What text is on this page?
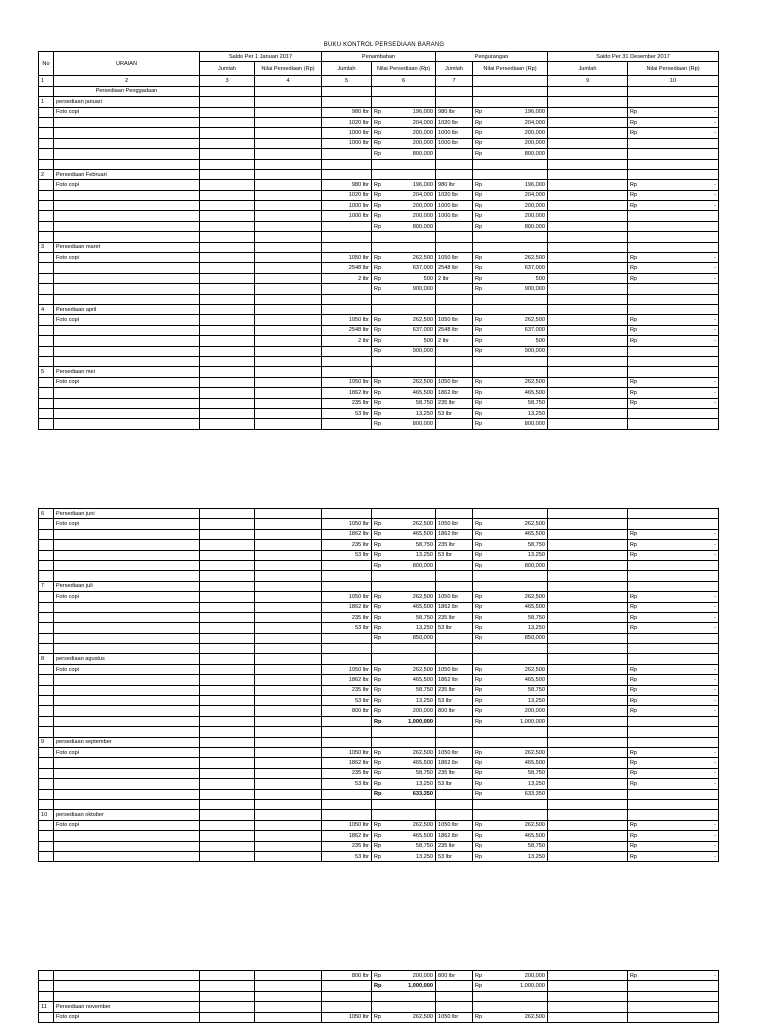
BUKU KONTROL PERSEDIAAN BARANG
No	URAIAN	Saldo Per 1 Januari 2017		Penambahan		Pengurangan		Saldo Per 31 Desember 2017	
		Jumlah	Nilai Persediaan (Rp)	Jumlah	Nilai Persediaan (Rp)	Jumlah	Nilai Persediaan (Rp)	Jumlah	Nilai Persediaan (Rp)
1	2	3	4	5	6	7		9	10
	Persediaan Penggadaan								
1	persediaan januari								
	Foto copi			980 lbr	Rp 196,000	980 lbr	Rp 196,000		Rp -

				1020 lbr	Rp 204,000	1020 lbr	Rp 204,000		Rp -

				1000 lbr	Rp 200,000	1000 lbr	Rp 200,000		Rp -

				1000 lbr	Rp 200,000	1000 lbr	Rp 200,000		

					Rp 800,000		Rp 800,000		

2	Persediaan Februari								
	Foto copi			980 lbr	Rp 196,000	980 lbr	Rp 196,000		Rp -

				1020 lbr	Rp 204,000	1020 lbr	Rp 204,000		Rp -

				1000 lbr	Rp 200,000	1000 lbr	Rp 200,000		Rp -

				1000 lbr	Rp 200,000	1000 lbr	Rp 200,000		

					Rp 800,000		Rp 800,000		

3	Persediaan maret								
	Foto copi			1050 lbr	Rp 262,500	1050 lbr	Rp 262,500		Rp -

				2548 lbr	Rp 637,000	2548 lbr	Rp 637,000		Rp -

				2 lbr	Rp 500	2 lbr	Rp 500		Rp -

					Rp 900,000		Rp 900,000		

4	Persediaan april								
	Foto copi			1050 lbr	Rp 262,500	1050 lbr	Rp 262,500		Rp -

				2548 lbr	Rp 637,000	2548 lbr	Rp 637,000		Rp -

				2 lbr	Rp 500	2 lbr	Rp 500		Rp -

					Rp 900,000		Rp 900,000		

5	Persediaan mei								
	Foto copi			1050 lbr	Rp 262,500	1050 lbr	Rp 262,500		Rp -

				1862 lbr	Rp 465,500	1862 lbr	Rp 465,500		Rp -

				235 lbr	Rp 58,750	235 lbr	Rp 58,750		Rp -

				53 lbr	Rp 13,250	53 lbr	Rp 13,250		

					Rp 800,000		Rp 800,000		

6	Persediaan juni								
	Foto copi			1050 lbr	Rp 262,500	1050 lbr	Rp 262,500		

				1862 lbr	Rp 465,500	1862 lbr	Rp 465,500		Rp -

				235 lbr	Rp 58,750	235 lbr	Rp 58,750		Rp -

				53 lbr	Rp 13,250	53 lbr	Rp 13,250		Rp -

					Rp 800,000		Rp 800,000		

7	Persediaan juli								
	Foto copi			1050 lbr	Rp 262,500	1050 lbr	Rp 262,500		Rp -

				1862 lbr	Rp 465,500	1862 lbr	Rp 465,500		Rp -

				235 lbr	Rp 58,750	235 lbr	Rp 58,750		Rp -

				53 lbr	Rp 13,250	53 lbr	Rp 13,250		Rp -

					Rp 850,000		Rp 850,000		

8	persediaan agustus								
	Foto copi			1050 lbr	Rp 262,500	1050 lbr	Rp 262,500		Rp -

				1862 lbr	Rp 465,500	1862 lbr	Rp 465,500		Rp -

				235 lbr	Rp 58,750	235 lbr	Rp 58,750		Rp -

				53 lbr	Rp 13,250	53 lbr	Rp 13,250		Rp -

				800 lbr	Rp 200,000	800 lbr	Rp 200,000		Rp -

					Rp 1,000,000		Rp 1,000,000		

9	persediaan september								
	Foto copi			1050 lbr	Rp 262,500	1050 lbr	Rp 262,500		Rp -

				1862 lbr	Rp 465,500	1862 lbr	Rp 465,500		Rp -

				235 lbr	Rp 58,750	235 lbr	Rp 58,750		Rp -

				53 lbr	Rp 13,250	53 lbr	Rp 13,250		Rp -

					Rp 633,350		Rp 633,350		

10	persediaan oktober								
	Foto copi			1050 lbr	Rp 262,500	1050 lbr	Rp 262,500		Rp -

				1862 lbr	Rp 465,500	1862 lbr	Rp 465,500		Rp -

				235 lbr	Rp 58,750	235 lbr	Rp 58,750		Rp -

				53 lbr	Rp 13,250	53 lbr	Rp 13,250		Rp -
				800 lbr	Rp 200,000	800 lbr	Rp 200,000		Rp -

					Rp 1,000,000		Rp 1,000,000		

11	Persediaan november								
	Foto copi			1050 lbr	Rp 262,500	1050 lbr	Rp 262,500		
